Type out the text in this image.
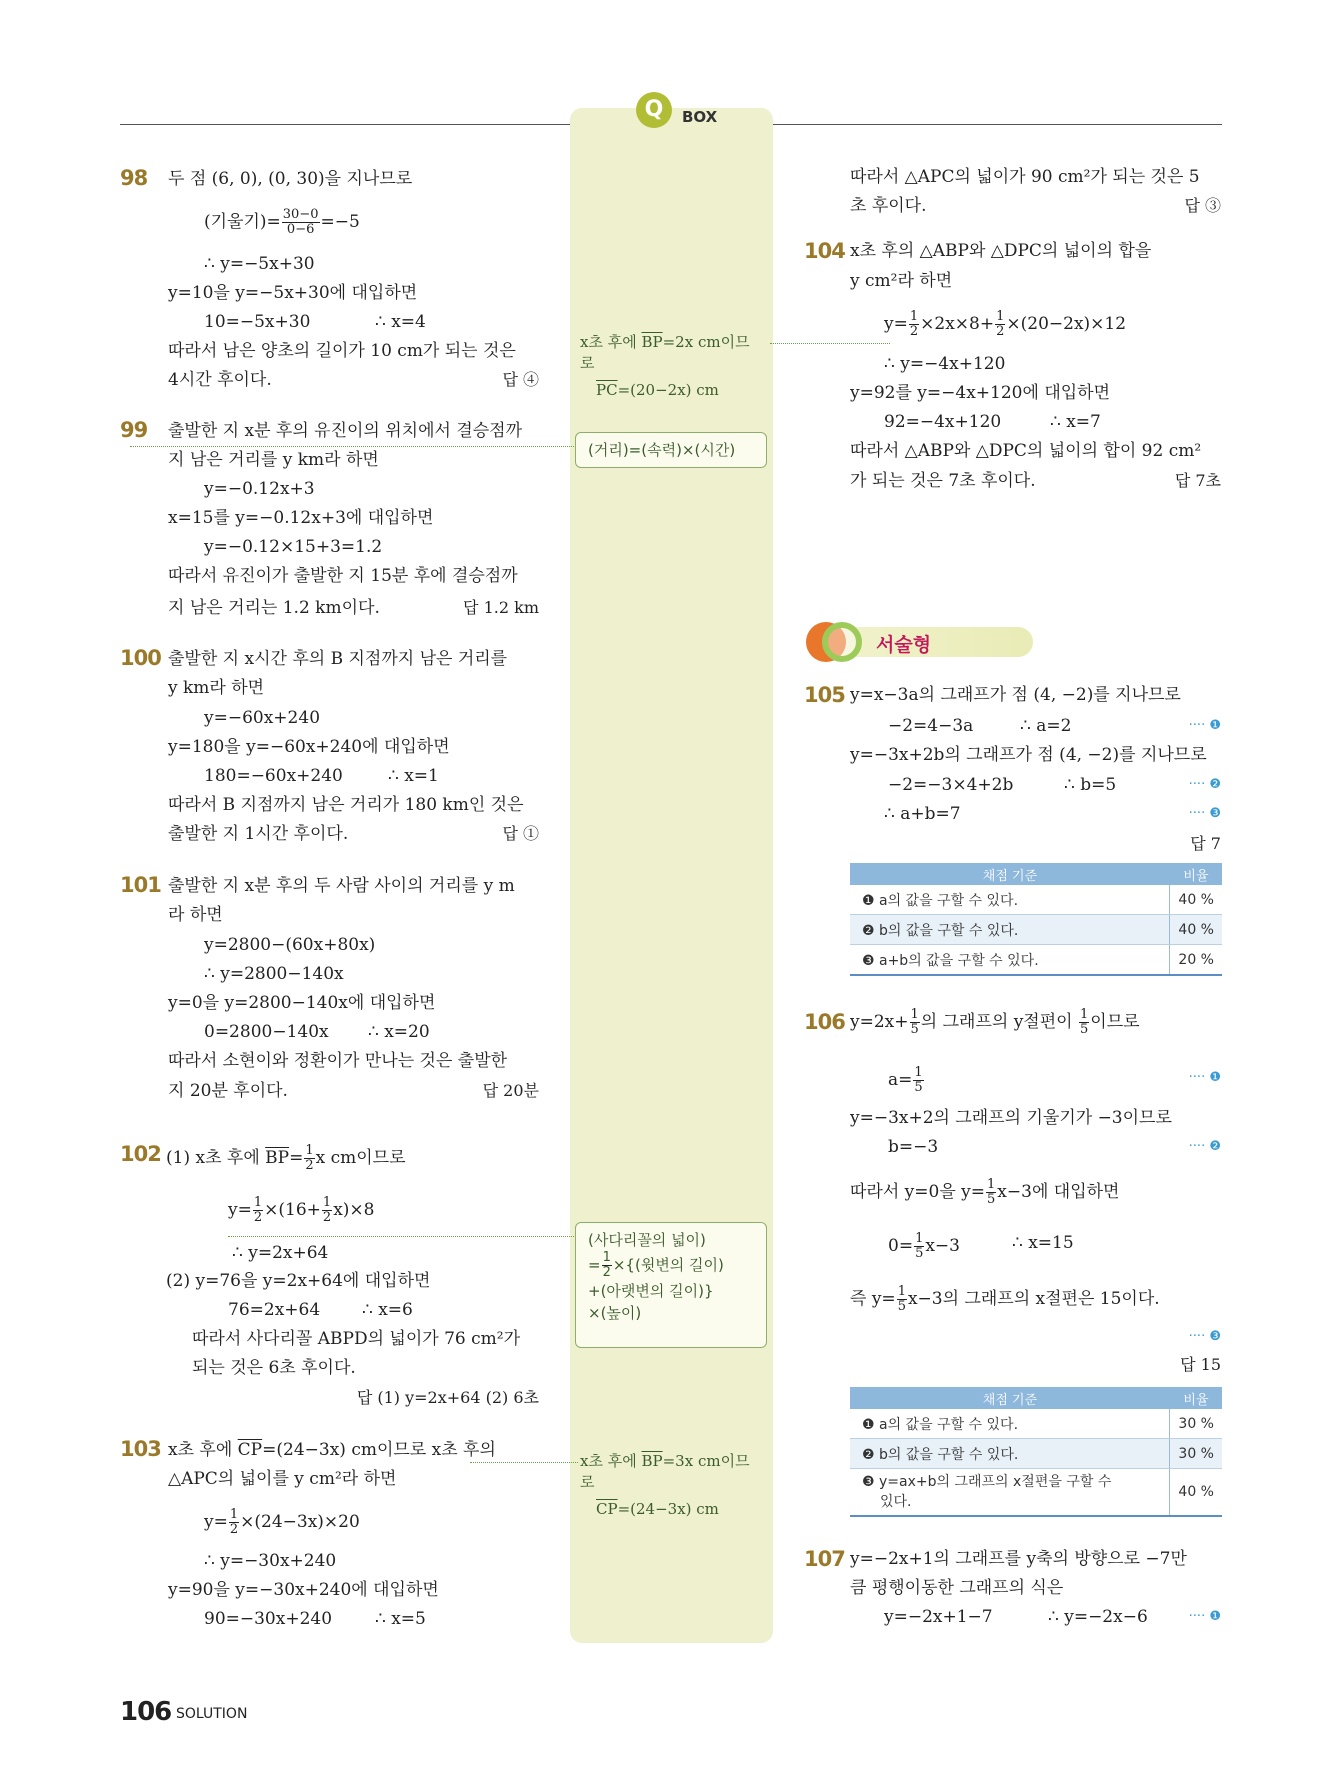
Q	BOX
98 두 점 (6, 0), (0, 30)을 지나므로
(기울기)= $\frac{30-0}{0-6} =-5$
∴ y=−5x+30
y=10을 y=−5x+30에 대입하면
10=−5x+30	∴ x=4
따라서 남은 양초의 길이가 10 cm가 되는 것은
4시간 후이다.	답 ④
99 출발한 지 x분 후의 유진이의 위치에서 결승점까
지 남은 거리를 y km라 하면
y=−0.12x+3
x=15를 y=−0.12x+3에 대입하면
y=−0.12×15+3=1.2
따라서 유진이가 출발한 지 15분 후에 결승점까
지 남은 거리는 1.2 km이다.	답 1.2 km
100 출발한 지 x시간 후의 B 지점까지 남은 거리를
y km라 하면
y=−60x+240
y=180을 y=−60x+240에 대입하면
180=−60x+240	∴ x=1
따라서 B 지점까지 남은 거리가 180 km인 것은
출발한 지 1시간 후이다.	답 ①
101 출발한 지 x분 후의 두 사람 사이의 거리를 y m
라 하면
y=2800−(60x+80x)
∴ y=2800−140x
y=0을 y=2800−140x에 대입하면
0=2800−140x ∴ x=20
따라서 소현이와 정환이가 만나는 것은 출발한
지 20분 후이다.	답 20분
102 (1) x초 후에 $\overline{BP}= \frac{1}{2}$ x cm이므로
$y= \frac{1}{2} \times(16+ \frac{1}{2} x)\times 8$
∴ y=2x+64
(2) y=76을 y=2x+64에 대입하면
76=2x+64 ∴ x=6
따라서 사다리꼴 ABPD의 넓이가 76 cm²가
되는 것은 6초 후이다.
답 (1) y=2x+64 (2) 6초
103 x초 후에 $\overline{CP}=(24-3x)$ cm이므로 x초 후의
△APC의 넓이를 y cm²라 하면
$y= \frac{1}{2} \times(24-3x)\times 20$
∴ y=−30x+240
y=90을 y=−30x+240에 대입하면
90=−30x+240	∴ x=5
x초 후에 $\overline{BP}=2x$ cm이므
로
$\overline{PC}=(20-2x)$ cm
(거리)=(속력)×(시간)
(사다리꼴의 넓이)
= $\frac{1}{2}$ ×{(윗변의 길이)
+(아랫변의 길이)}
×(높이)
x초 후에 $\overline{BP}=3x$ cm이므
로
$\overline{CP}=(24-3x)$ cm
따라서 △APC의 넓이가 90 cm²가 되는 것은 5
초 후이다.	답 ③
104 x초 후의 △ABP와 △DPC의 넓이의 합을
y cm²라 하면
$y= \frac{1}{2} \times 2x\times 8+ \frac{1}{2} \times(20-2x)\times 12$
∴ y=−4x+120
y=92를 y=−4x+120에 대입하면
92=−4x+120	∴ x=7
따라서 △ABP와 △DPC의 넓이의 합이 92 cm²
가 되는 것은 7초 후이다.	답 7초
서술형
105 y=x−3a의 그래프가 점 (4, −2)를 지나므로
−2=4−3a	∴ a=2	···· ❶
y=−3x+2b의 그래프가 점 (4, −2)를 지나므로
−2=−3×4+2b	∴ b=5	···· ❷
∴ a+b=7	···· ❸
답 7
채점 기준	비율
❶ a의 값을 구할 수 있다.	40 %
❷ b의 값을 구할 수 있다.	40 %
❸ a+b의 값을 구할 수 있다.	20 %
106 $y=2x+ \frac{1}{5}$ 의 그래프의 y절편이 $\frac{1}{5}$ 이므로
$a= \frac{1}{5}$	···· ❶
y=−3x+2의 그래프의 기울기가 −3이므로
b=−3	···· ❷
따라서 y=0을 $y= \frac{1}{5} x-3$에 대입하면
$0= \frac{1}{5} x-3$	∴ x=15
즉 $y= \frac{1}{5} x-3$의 그래프의 x절편은 15이다.
···· ❸
답 15
채점 기준	비율
❶ a의 값을 구할 수 있다.	30 %
❷ b의 값을 구할 수 있다.	30 %

❸ y=ax+b의 그래프의 x절편을 구할 수
있다.	40 %
107 y=−2x+1의 그래프를 y축의 방향으로 −7만
큼 평행이동한 그래프의 식은
y=−2x+1−7	∴ y=−2x−6	···· ❶
106 SOLUTION
